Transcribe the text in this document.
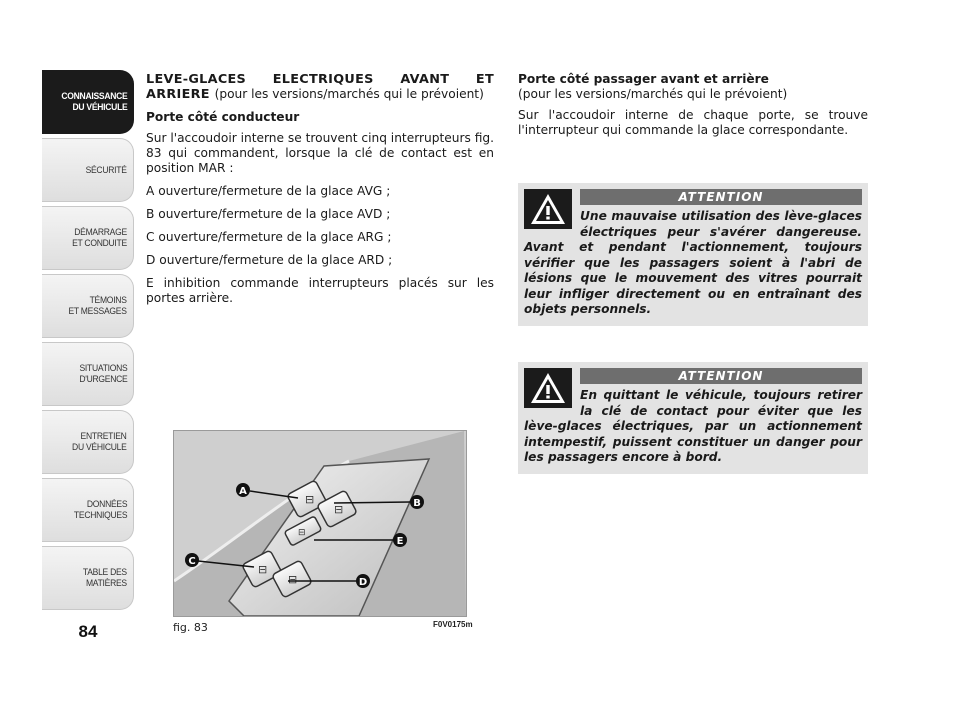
CONNAISSANCE
DU VÉHICULE
SÉCURITÉ
DÉMARRAGE
ET CONDUITE
TÉMOINS
ET MESSAGES
SITUATIONS
D'URGENCE
ENTRETIEN
DU VÉHICULE
DONNÉES
TECHNIQUES
TABLE DES
MATIÈRES
84

LEVE-GLACES ELECTRIQUES AVANT ET ARRIERE (pour les versions/marchés qui le prévoient)

Porte côté conducteur

Sur l'accoudoir interne se trouvent cinq interrupteurs fig. 83 qui commandent, lorsque la clé de contact est en position MAR :

A ouverture/fermeture de la glace AVG ;

B ouverture/fermeture de la glace AVD ;

C ouverture/fermeture de la glace ARG ;

D ouverture/fermeture de la glace ARD ;

E inhibition commande interrupteurs placés sur les portes arrière.

Porte côté passager avant et arrière

(pour les versions/marchés qui le prévoient)

Sur l'accoudoir interne de chaque porte, se trouve l'interrupteur qui commande la glace correspondante.

ATTENTION
Une mauvaise utilisation des lève-glaces électriques peur s'avérer dangereuse. Avant et pendant l'actionnement, toujours vérifier que les passagers soient à l'abri de lésions que le mouvement des vitres pourrait leur infliger directement ou en entraînant des objets personnels.
ATTENTION
En quittant le véhicule, toujours retirer la clé de contact pour éviter que les lève-glaces électriques, par un actionnement intempestif, puissent constituer un danger pour les passagers encore à bord.
⊟
⊟
⊟
⊟
⊟
A
B
C
D
E
fig. 83	F0V0175m
